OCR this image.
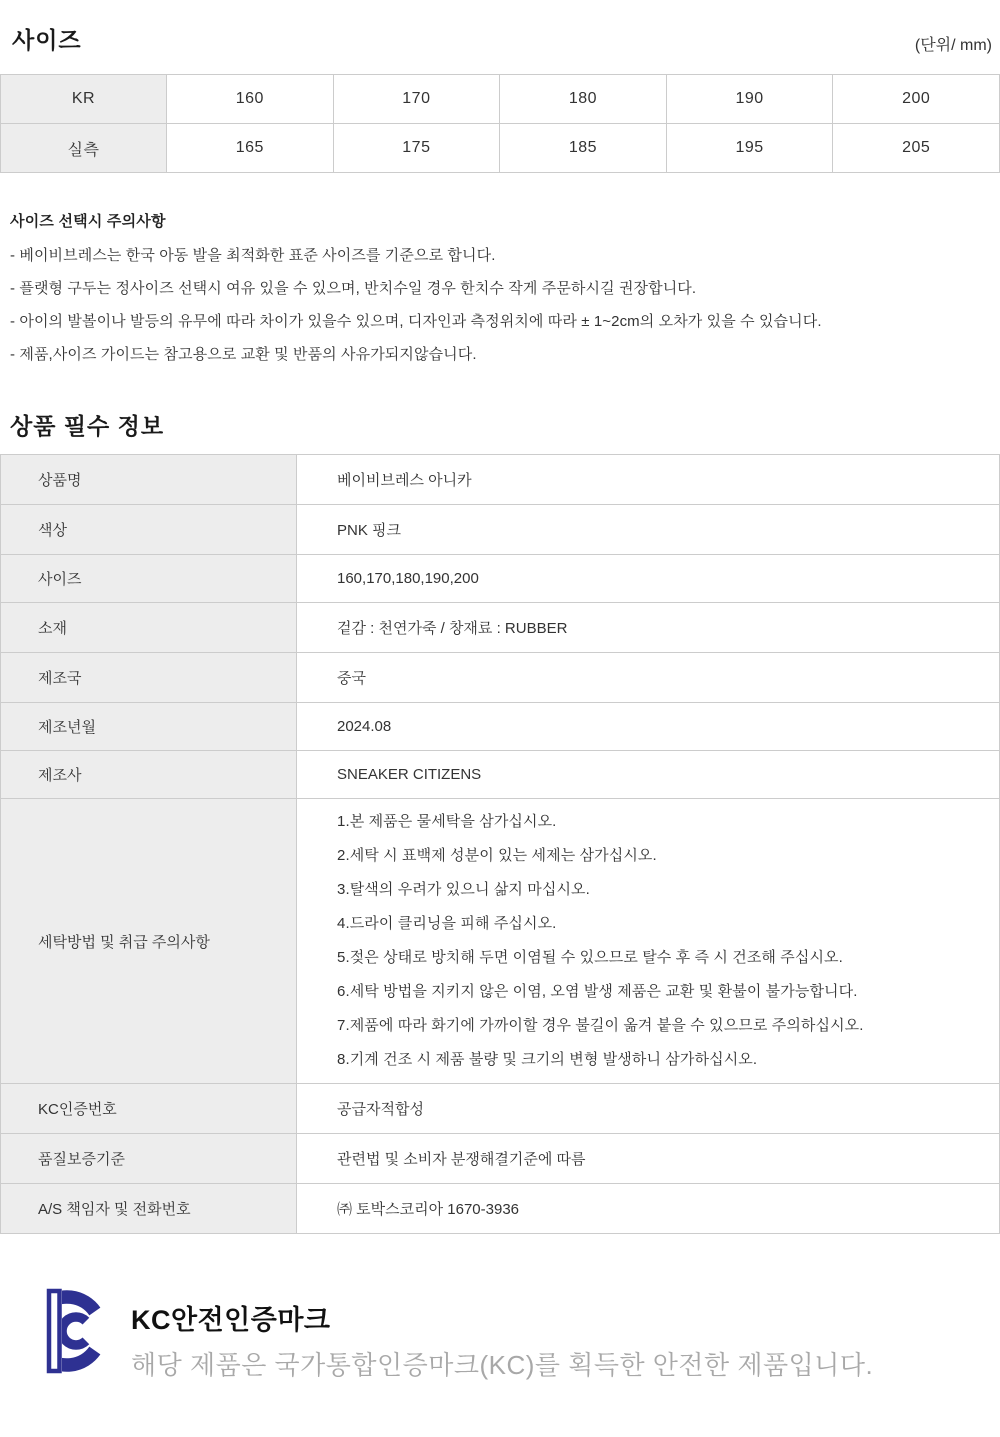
사이즈	(단위/ mm)
KR	160	170	180	190	200
실측	165	175	185	195	205
사이즈 선택시 주의사항
- 베이비브레스는 한국 아동 발을 최적화한 표준 사이즈를 기준으로 합니다.
- 플랫형 구두는 정사이즈 선택시 여유 있을 수 있으며, 반치수일 경우 한치수 작게 주문하시길 권장합니다.
- 아이의 발볼이나 발등의 유무에 따라 차이가 있을수 있으며, 디자인과 측정위치에 따라 ± 1~2cm의 오차가 있을 수 있습니다.
- 제품,사이즈 가이드는 참고용으로 교환 및 반품의 사유가되지않습니다.
상품 필수 정보
상품명	베이비브레스 아니카
색상	PNK 핑크
사이즈	160,170,180,190,200
소재	겉감 : 천연가죽 / 창재료 : RUBBER
제조국	중국
제조년월	2024.08
제조사	SNEAKER CITIZENS
세탁방법 및 취급 주의사항	
1.본 제품은 물세탁을 삼가십시오.
2.세탁 시 표백제 성분이 있는 세제는 삼가십시오.
3.탈색의 우려가 있으니 삶지 마십시오.
4.드라이 클리닝을 피해 주십시오.
5.젖은 상태로 방치해 두면 이염될 수 있으므로 탈수 후 즉 시 건조해 주십시오.
6.세탁 방법을 지키지 않은 이염, 오염 발생 제품은 교환 및 환불이 불가능합니다.
7.제품에 따라 화기에 가까이할 경우 불길이 옮겨 붙을 수 있으므로 주의하십시오.
8.기계 건조 시 제품 불량 및 크기의 변형 발생하니 삼가하십시오.

KC인증번호	공급자적합성
품질보증기준	관련법 및 소비자 분쟁해결기준에 따름
A/S 책임자 및 전화번호	㈜ 토박스코리아 1670-3936
KC안전인증마크
해당 제품은 국가통합인증마크(KC)를 획득한 안전한 제품입니다.
